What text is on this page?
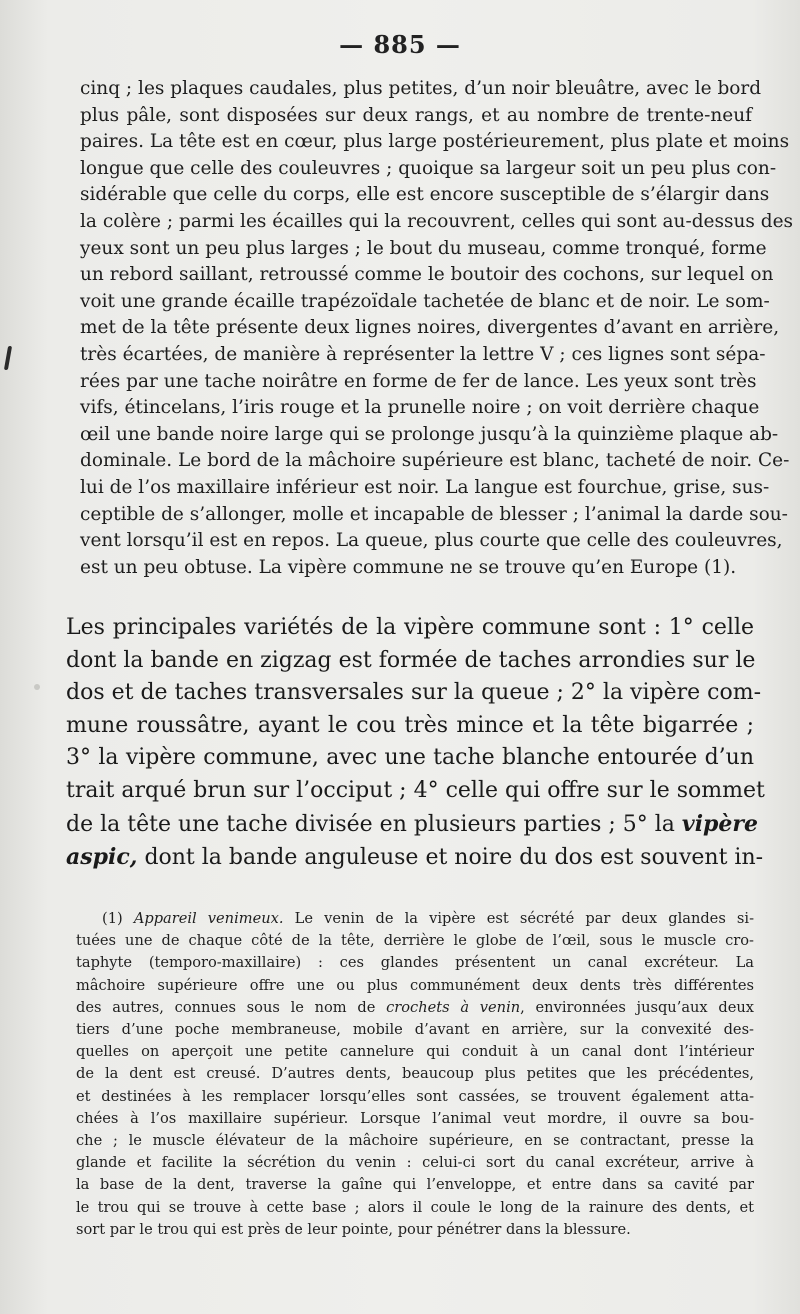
— 885 —
cinq ; les plaques caudales, plus petites, d’un noir bleuâtre, avec le bord
plus pâle, sont disposées sur deux rangs, et au nombre de trente-neuf
paires. La tête est en cœur, plus large postérieurement, plus plate et moins
longue que celle des couleuvres ; quoique sa largeur soit un peu plus con-
sidérable que celle du corps, elle est encore susceptible de s’élargir dans
la colère ; parmi les écailles qui la recouvrent, celles qui sont au-dessus des
yeux sont un peu plus larges ; le bout du museau, comme tronqué, forme
un rebord saillant, retroussé comme le boutoir des cochons, sur lequel on
voit une grande écaille trapézoïdale tachetée de blanc et de noir. Le som-
met de la tête présente deux lignes noires, divergentes d’avant en arrière,
très écartées, de manière à représenter la lettre V ; ces lignes sont sépa-
rées par une tache noirâtre en forme de fer de lance. Les yeux sont très
vifs, étincelans, l’iris rouge et la prunelle noire ; on voit derrière chaque
œil une bande noire large qui se prolonge jusqu’à la quinzième plaque ab-
dominale. Le bord de la mâchoire supérieure est blanc, tacheté de noir. Ce-
lui de l’os maxillaire inférieur est noir. La langue est fourchue, grise, sus-
ceptible de s’allonger, molle et incapable de blesser ; l’animal la darde sou-
vent lorsqu’il est en repos. La queue, plus courte que celle des couleuvres,
est un peu obtuse. La vipère commune ne se trouve qu’en Europe (1).
Les principales variétés de la vipère commune sont : 1° celle
dont la bande en zigzag est formée de taches arrondies sur le
dos et de taches transversales sur la queue ; 2° la vipère com-
mune roussâtre, ayant le cou très mince et la tête bigarrée ;
3° la vipère commune, avec une tache blanche entourée d’un
trait arqué brun sur l’occiput ; 4° celle qui offre sur le sommet
de la tête une tache divisée en plusieurs parties ; 5° la vipère
aspic, dont la bande anguleuse et noire du dos est souvent in-
(1) Appareil venimeux. Le venin de la vipère est sécrété par deux glandes si-
tuées une de chaque côté de la tête, derrière le globe de l’œil, sous le muscle cro-
taphyte (temporo-maxillaire) : ces glandes présentent un canal excréteur. La
mâchoire supérieure offre une ou plus communément deux dents très différentes
des autres, connues sous le nom de crochets à venin, environnées jusqu’aux deux
tiers d’une poche membraneuse, mobile d’avant en arrière, sur la convexité des-
quelles on aperçoit une petite cannelure qui conduit à un canal dont l’intérieur
de la dent est creusé. D’autres dents, beaucoup plus petites que les précédentes,
et destinées à les remplacer lorsqu’elles sont cassées, se trouvent également atta-
chées à l’os maxillaire supérieur. Lorsque l’animal veut mordre, il ouvre sa bou-
che ; le muscle élévateur de la mâchoire supérieure, en se contractant, presse la
glande et facilite la sécrétion du venin : celui-ci sort du canal excréteur, arrive à
la base de la dent, traverse la gaîne qui l’enveloppe, et entre dans sa cavité par
le trou qui se trouve à cette base ; alors il coule le long de la rainure des dents, et
sort par le trou qui est près de leur pointe, pour pénétrer dans la blessure.
